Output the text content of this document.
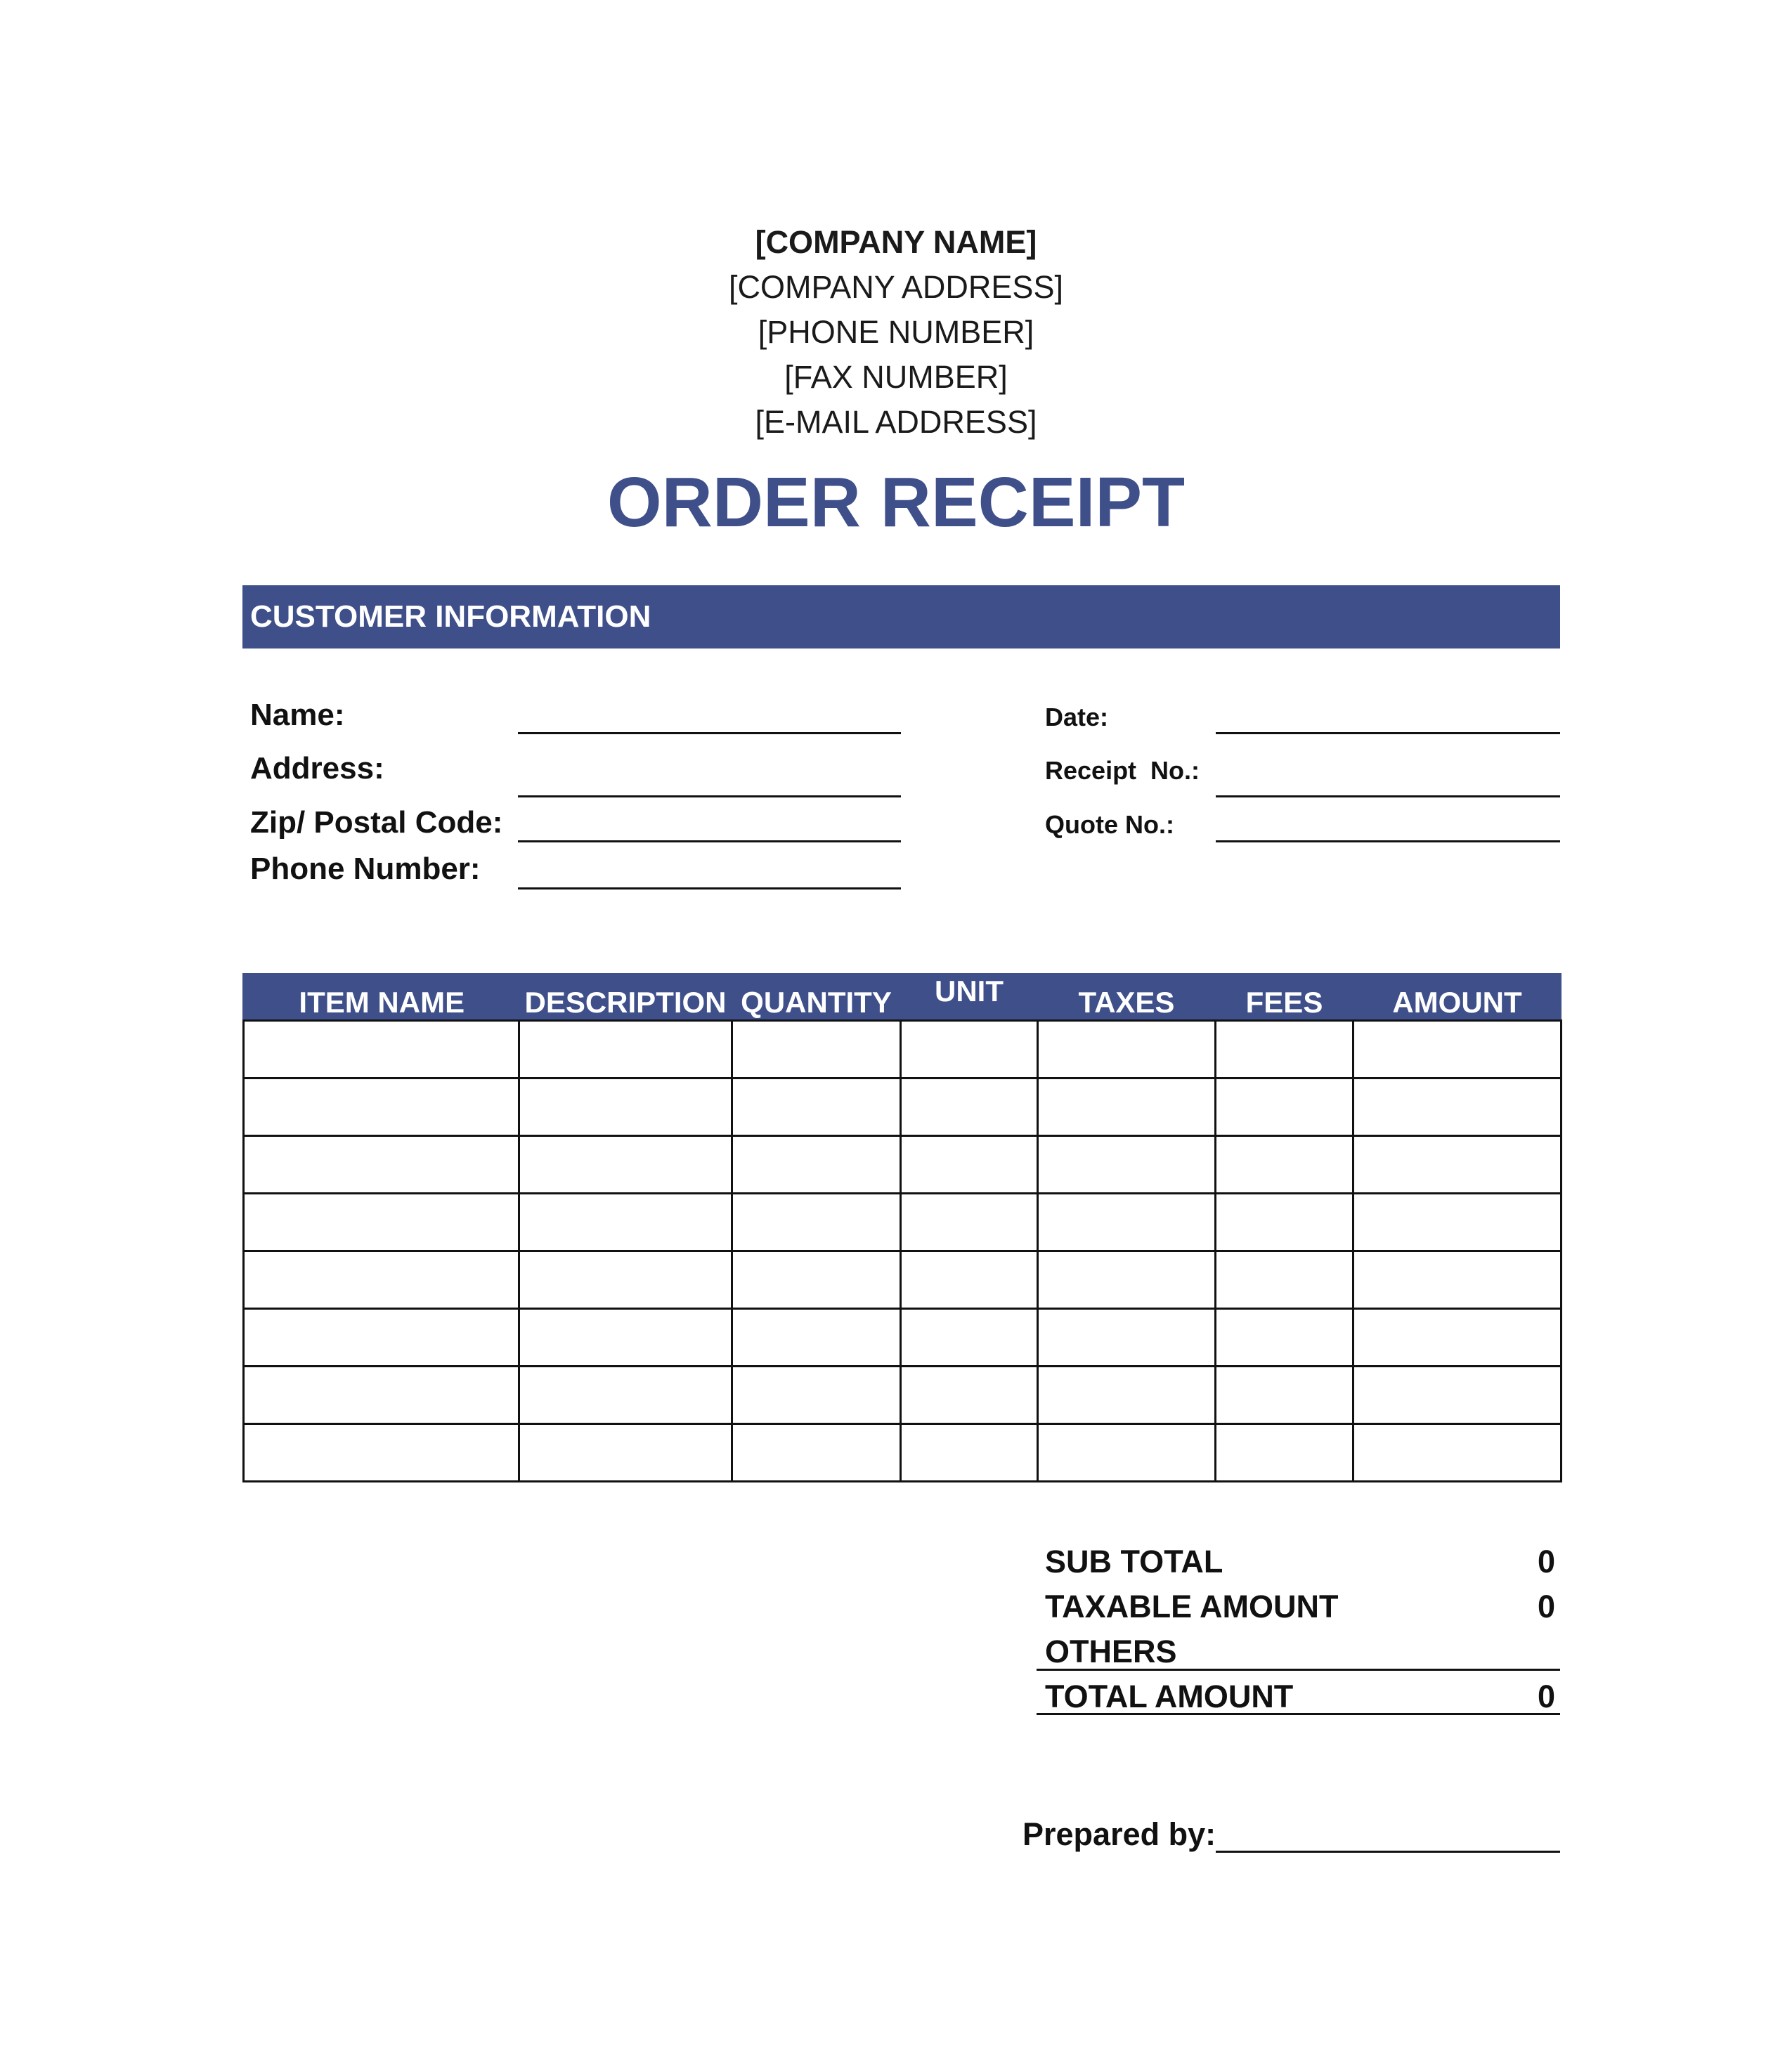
[COMPANY NAME]
[COMPANY ADDRESS]
[PHONE NUMBER]
[FAX NUMBER]
[E-MAIL ADDRESS]
ORDER RECEIPT
CUSTOMER INFORMATION
Name:
Address:
Zip/ Postal Code:
Phone Number:
Date:
Receipt  No.:
Quote No.:
ITEM NAME	DESCRIPTION	QUANTITY	UNIT	TAXES	FEES	AMOUNT

SUB TOTAL	0
TAXABLE AMOUNT	0
OTHERS
TOTAL AMOUNT	0
Prepared by:
